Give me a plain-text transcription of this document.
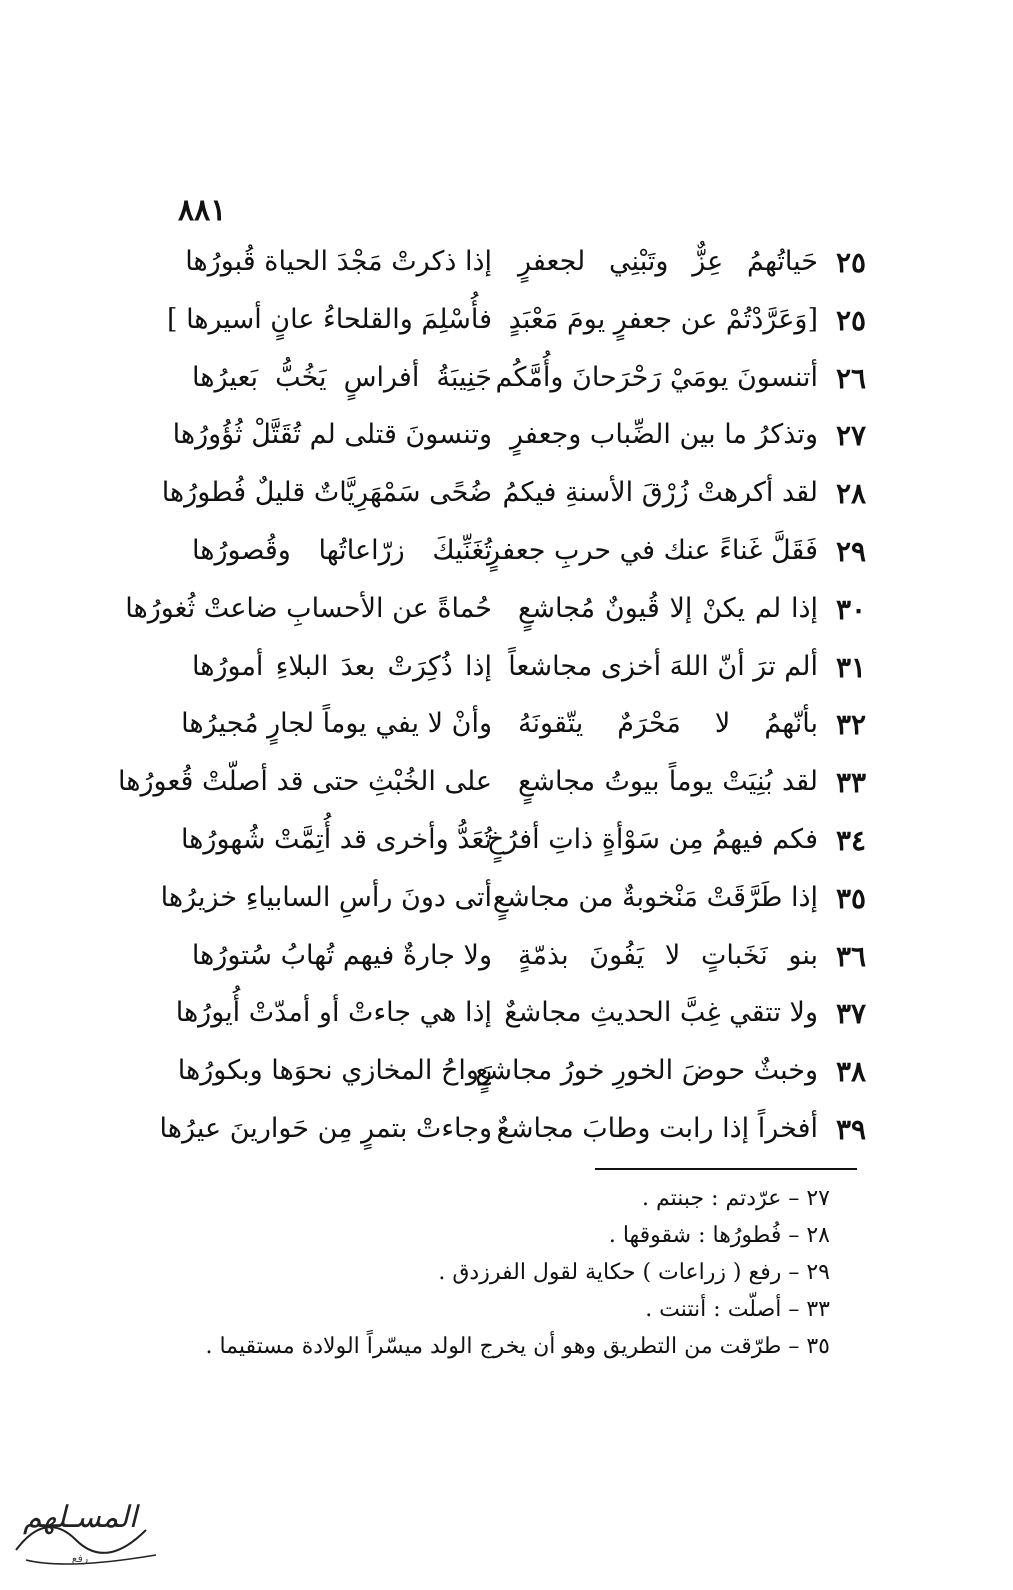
٨٨١
٢٥
حَياتُهمُ عِزٌّ وتَبْنِي لجعفرٍ
إذا ذكرتْ مَجْدَ الحياة قُبورُها
٢٥
[وَعَرَّدْتُمْ عن جعفرٍ يومَ مَعْبَدٍ
فأُسْلِمَ والقلحاءُ عانٍ أسيرها ]
٢٦
أتنسونَ يومَيْ رَحْرَحانَ وأُمَّكُم
جَنِيبَةُ أفراسٍ يَخُبُّ بَعيرُها
٢٧
وتذكرُ ما بين الضِّباب وجعفرٍ
وتنسونَ قتلى لم تُقَتَّلْ ثُؤُورُها
٢٨
لقد أكرهتْ زُرْقَ الأسنةِ فيكمُ
ضُحًى سَمْهَرِيَّاتٌ قليلٌ فُطورُها
٢٩
فَقَلَّ غَناءً عنك في حربِ جعفرٍ
تُغَنِّيكَ زرّاعاتُها وقُصورُها
٣٠
إذا لم يكنْ إلا قُيونٌ مُجاشعٍ
حُماةً عن الأحسابِ ضاعتْ ثُغورُها
٣١
ألم ترَ أنّ اللهَ أخزى مجاشعاً
إذا ذُكِرَتْ بعدَ البلاءِ أمورُها
٣٢
بأنّهمُ لا مَحْرَمٌ يتّقونَهُ
وأنْ لا يفي يوماً لجارٍ مُجيرُها
٣٣
لقد بُنِيَتْ يوماً بيوتُ مجاشعٍ
على الخُبْثِ حتى قد أصلّتْ قُعورُها
٣٤
فكم فيهمُ مِن سَوْأةٍ ذاتِ أفرُخٍ
تُعَدُّ وأخرى قد أُتِمَّتْ شُهورُها
٣٥
إذا طَرَّقَتْ مَنْخوبةٌ من مجاشعٍ
أتى دونَ رأسِ السابياءِ خزيرُها
٣٦
بنو نَخَباتٍ لا يَفُونَ بذمّةٍ
ولا جارةٌ فيهم تُهابُ سُتورُها
٣٧
ولا تتقي غِبَّ الحديثِ مجاشعٌ
إذا هي جاءتْ أو أمدّتْ أُيورُها
٣٨
وخبثٌ حوضَ الخورِ خورُ مجاشعٍ
رَواحُ المخازي نحوَها وبكورُها
٣٩
أفخراً إذا رابت وطابَ مجاشعٌ
وجاءتْ بتمرٍ مِن حَوارينَ عيرُها
٢٧ – عرّدتم : جبنتم .
٢٨ – فُطورُها : شقوقها .
٢٩ – رفع ( زراعات ) حكاية لقول الفرزدق .
٣٣ – أصلّت : أنتنت .
٣٥ – طرّقت من التطريق وهو أن يخرج الولد ميسّراً الولادة مستقيما .
المسـلهم
رفع
